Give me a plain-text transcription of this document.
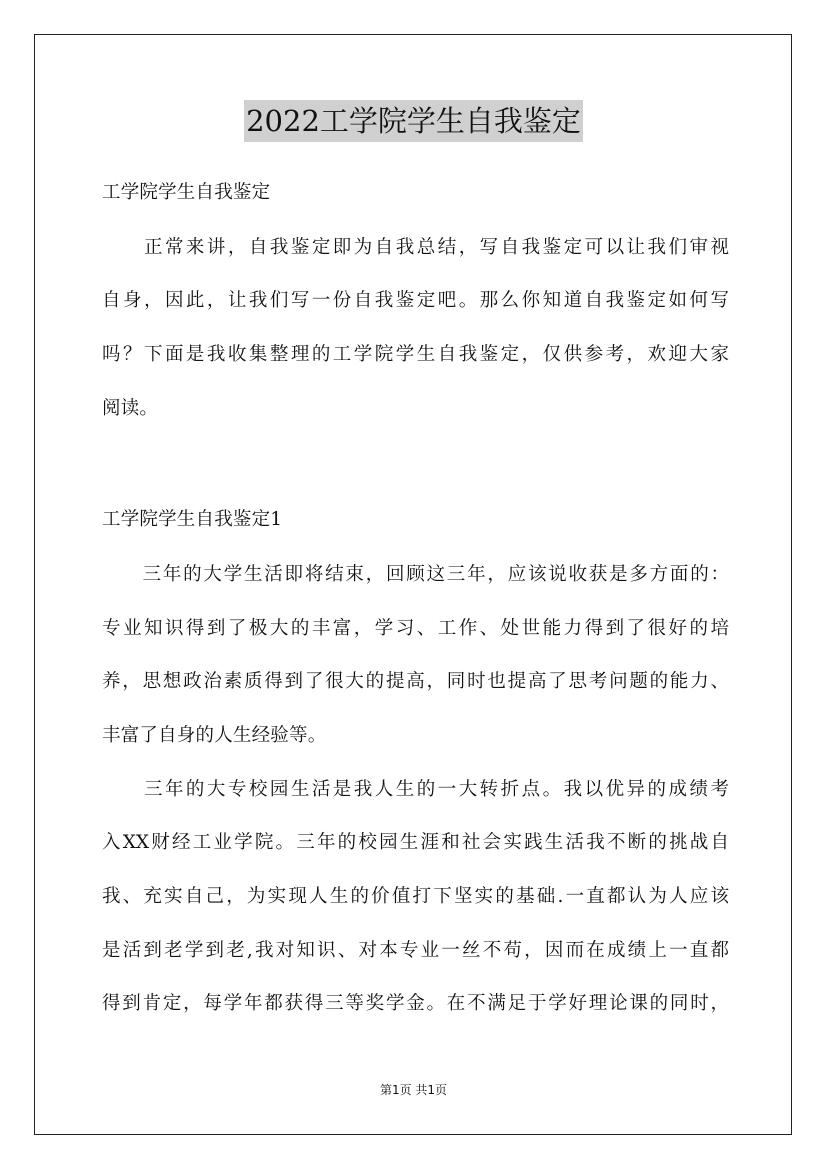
2022工学院学生自我鉴定
工学院学生自我鉴定
　　正常来讲，自我鉴定即为自我总结，写自我鉴定可以让我们审视
自身，因此，让我们写一份自我鉴定吧。那么你知道自我鉴定如何写
吗？下面是我收集整理的工学院学生自我鉴定，仅供参考，欢迎大家
阅读。
工学院学生自我鉴定1
　　三年的大学生活即将结束，回顾这三年，应该说收获是多方面的：
专业知识得到了极大的丰富，学习、工作、处世能力得到了很好的培
养，思想政治素质得到了很大的提高，同时也提高了思考问题的能力、
丰富了自身的人生经验等。
　　三年的大专校园生活是我人生的一大转折点。我以优异的成绩考
入XX财经工业学院。三年的校园生涯和社会实践生活我不断的挑战自
我、充实自己，为实现人生的价值打下坚实的基础.一直都认为人应该
是活到老学到老,我对知识、对本专业一丝不苟，因而在成绩上一直都
得到肯定，每学年都获得三等奖学金。在不满足于学好理论课的同时，
第1页 共1页
